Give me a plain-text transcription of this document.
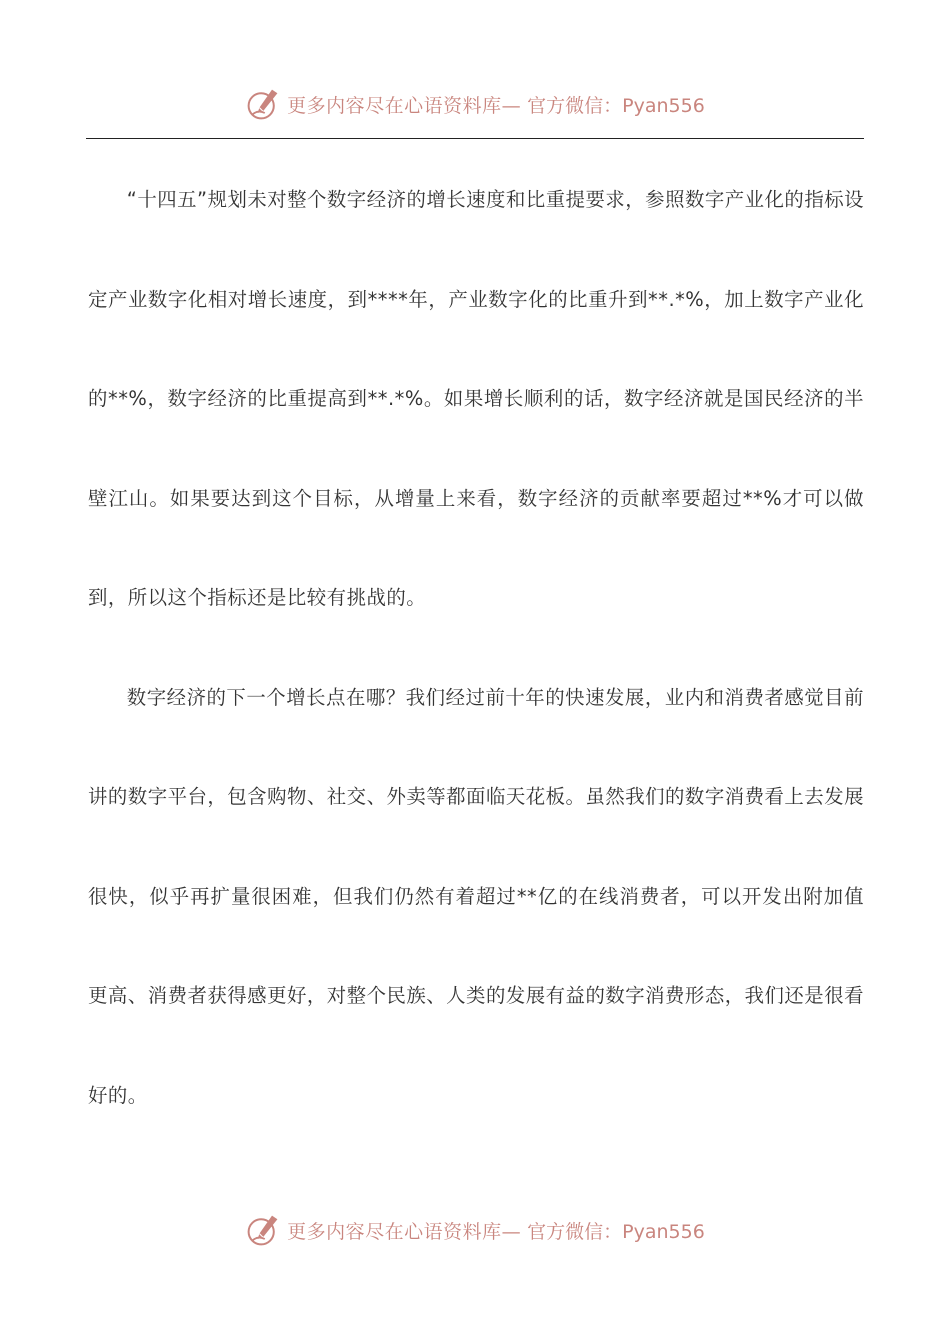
更多内容尽在心语资料库— 官方微信：Pyan556

“十四五”规划未对整个数字经济的增长速度和比重提要求，参照数字产业化的指标设定产业数字化相对增长速度，到****年，产业数字化的比重升到**.*%，加上数字产业化的**%，数字经济的比重提高到**.*%。如果增长顺利的话，数字经济就是国民经济的半壁江山。如果要达到这个目标，从增量上来看，数字经济的贡献率要超过**%才可以做到，所以这个指标还是比较有挑战的。

数字经济的下一个增长点在哪？我们经过前十年的快速发展，业内和消费者感觉目前讲的数字平台，包含购物、社交、外卖等都面临天花板。虽然我们的数字消费看上去发展很快，似乎再扩量很困难，但我们仍然有着超过**亿的在线消费者，可以开发出附加值更高、消费者获得感更好，对整个民族、人类的发展有益的数字消费形态，我们还是很看好的。

更多内容尽在心语资料库— 官方微信：Pyan556
